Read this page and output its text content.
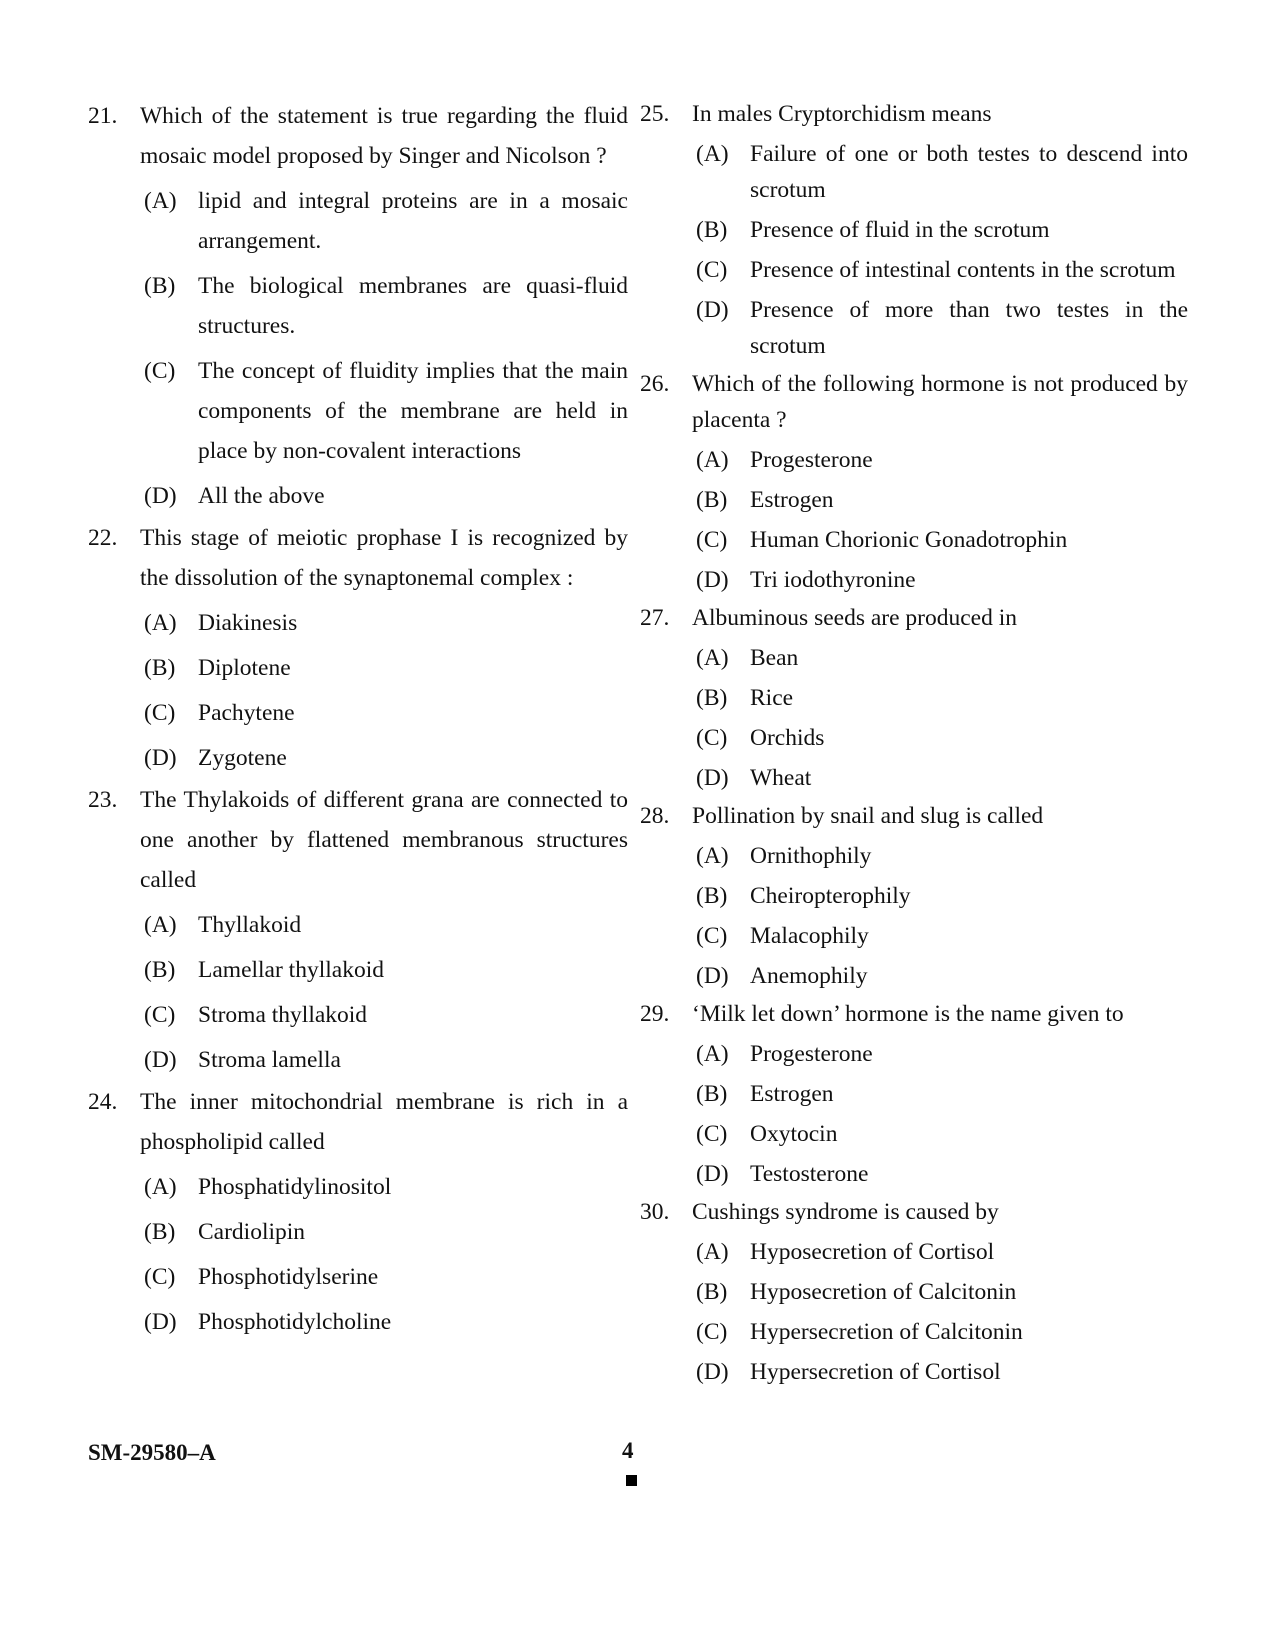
21. Which of the statement is true regarding the fluid mosaic model proposed by Singer and Nicolson ?
(A) lipid and integral proteins are in a mosaic arrangement.
(B) The biological membranes are quasi-fluid structures.
(C) The concept of fluidity implies that the main components of the membrane are held in place by non-covalent interactions
(D) All the above
22. This stage of meiotic prophase I is recognized by the dissolution of the synaptonemal complex :
(A) Diakinesis
(B) Diplotene
(C) Pachytene
(D) Zygotene
23. The Thylakoids of different grana are connected to one another by flattened membranous structures called
(A) Thyllakoid
(B) Lamellar thyllakoid
(C) Stroma thyllakoid
(D) Stroma lamella
24. The inner mitochondrial membrane is rich in a phospholipid called
(A) Phosphatidylinositol
(B) Cardiolipin
(C) Phosphotidylserine
(D) Phosphotidylcholine
25. In males Cryptorchidism means
(A) Failure of one or both testes to descend into scrotum
(B) Presence of fluid in the scrotum
(C) Presence of intestinal contents in the scrotum
(D) Presence of more than two testes in the scrotum
26. Which of the following hormone is not produced by placenta ?
(A) Progesterone
(B) Estrogen
(C) Human Chorionic Gonadotrophin
(D) Tri iodothyronine
27. Albuminous seeds are produced in
(A) Bean
(B) Rice
(C) Orchids
(D) Wheat
28. Pollination by snail and slug is called
(A) Ornithophily
(B) Cheiropterophily
(C) Malacophily
(D) Anemophily
29. ‘Milk let down’ hormone is the name given to
(A) Progesterone
(B) Estrogen
(C) Oxytocin
(D) Testosterone
30. Cushings syndrome is caused by
(A) Hyposecretion of Cortisol
(B) Hyposecretion of Calcitonin
(C) Hypersecretion of Calcitonin
(D) Hypersecretion of Cortisol
SM-29580–A	4
